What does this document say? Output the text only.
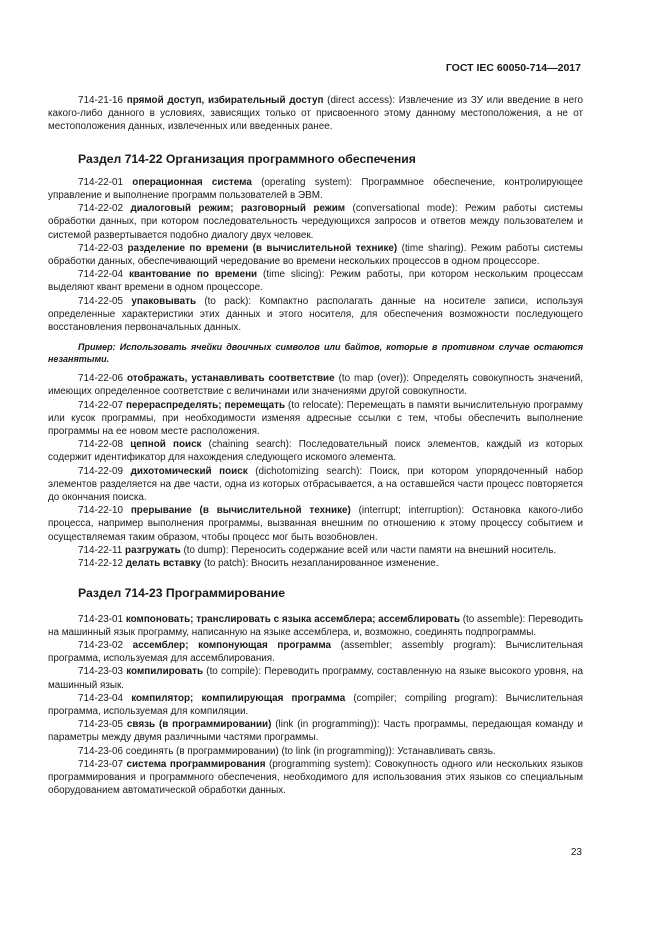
ГОСТ IEC 60050-714—2017

714-21-16 прямой доступ, избирательный доступ (direct access): Извлечение из ЗУ или введение в него какого-либо данного в условиях, зависящих только от присвоенного этому данному местоположения, а не от местоположения данных, извлеченных или введенных ранее.

Раздел 714-22 Организация программного обеспечения

714-22-01 операционная система (operating system): Программное обеспечение, контролирующее управление и выполнение программ пользователей в ЭВМ.

714-22-02 диалоговый режим; разговорный режим (conversational mode): Режим работы системы обработки данных, при котором последовательность чередующихся запросов и ответов между пользователем и системой развертывается подобно диалогу двух человек.

714-22-03 разделение по времени (в вычислительной технике) (time sharing). Режим работы системы обработки данных, обеспечивающий чередование во времени нескольких процессов в одном процессоре.

714-22-04 квантование по времени (time slicing): Режим работы, при котором нескольким процессам выделяют квант времени в одном процессоре.

714-22-05 упаковывать (to pack): Компактно располагать данные на носителе записи, используя определенные характеристики этих данных и этого носителя, для обеспечения возможности последующего восстановления первоначальных данных.

Пример: Использовать ячейки двоичных символов или байтов, которые в противном случае остаются незанятыми.

714-22-06 отображать, устанавливать соответствие (to map (over)): Определять совокупность значений, имеющих определенное соответствие с величинами или значениями другой совокупности.

714-22-07 перераспределять; перемещать (to relocate): Перемещать в памяти вычислительную программу или кусок программы, при необходимости изменяя адресные ссылки с тем, чтобы обеспечить выполнение программы на ее новом месте расположения.

714-22-08 цепной поиск (chaining search): Последовательный поиск элементов, каждый из которых содержит идентификатор для нахождения следующего искомого элемента.

714-22-09 дихотомический поиск (dichotomizing search): Поиск, при котором упорядоченный набор элементов разделяется на две части, одна из которых отбрасывается, а на оставшейся части процесс повторяется до окончания поиска.

714-22-10 прерывание (в вычислительной технике) (interrupt; interruption): Остановка какого-либо процесса, например выполнения программы, вызванная внешним по отношению к этому процессу событием и осуществляемая таким образом, чтобы процесс мог быть возобновлен.

714-22-11 разгружать (to dump): Переносить содержание всей или части памяти на внешний носитель.

714-22-12 делать вставку (to patch): Вносить незапланированное изменение.

Раздел 714-23 Программирование

714-23-01 компоновать; транслировать с языка ассемблера; ассемблировать (to assemble): Переводить на машинный язык программу, написанную на языке ассемблера, и, возможно, соединять подпрограммы.

714-23-02 ассемблер; компонующая программа (assembler; assembly program): Вычислительная программа, используемая для ассемблирования.

714-23-03 компилировать (to compile): Переводить программу, составленную на языке высокого уровня, на машинный язык.

714-23-04 компилятор; компилирующая программа (compiler; compiling program): Вычислительная программа, используемая для компиляции.

714-23-05 связь (в программировании) (link (in programming)): Часть программы, передающая команду и параметры между двумя различными частями программы.

714-23-06 соединять (в программировании) (to link (in programming)): Устанавливать связь.

714-23-07 система программирования (programming system): Совокупность одного или нескольких языков программирования и программного обеспечения, необходимого для использования этих языков со специальным оборудованием автоматической обработки данных.

23
